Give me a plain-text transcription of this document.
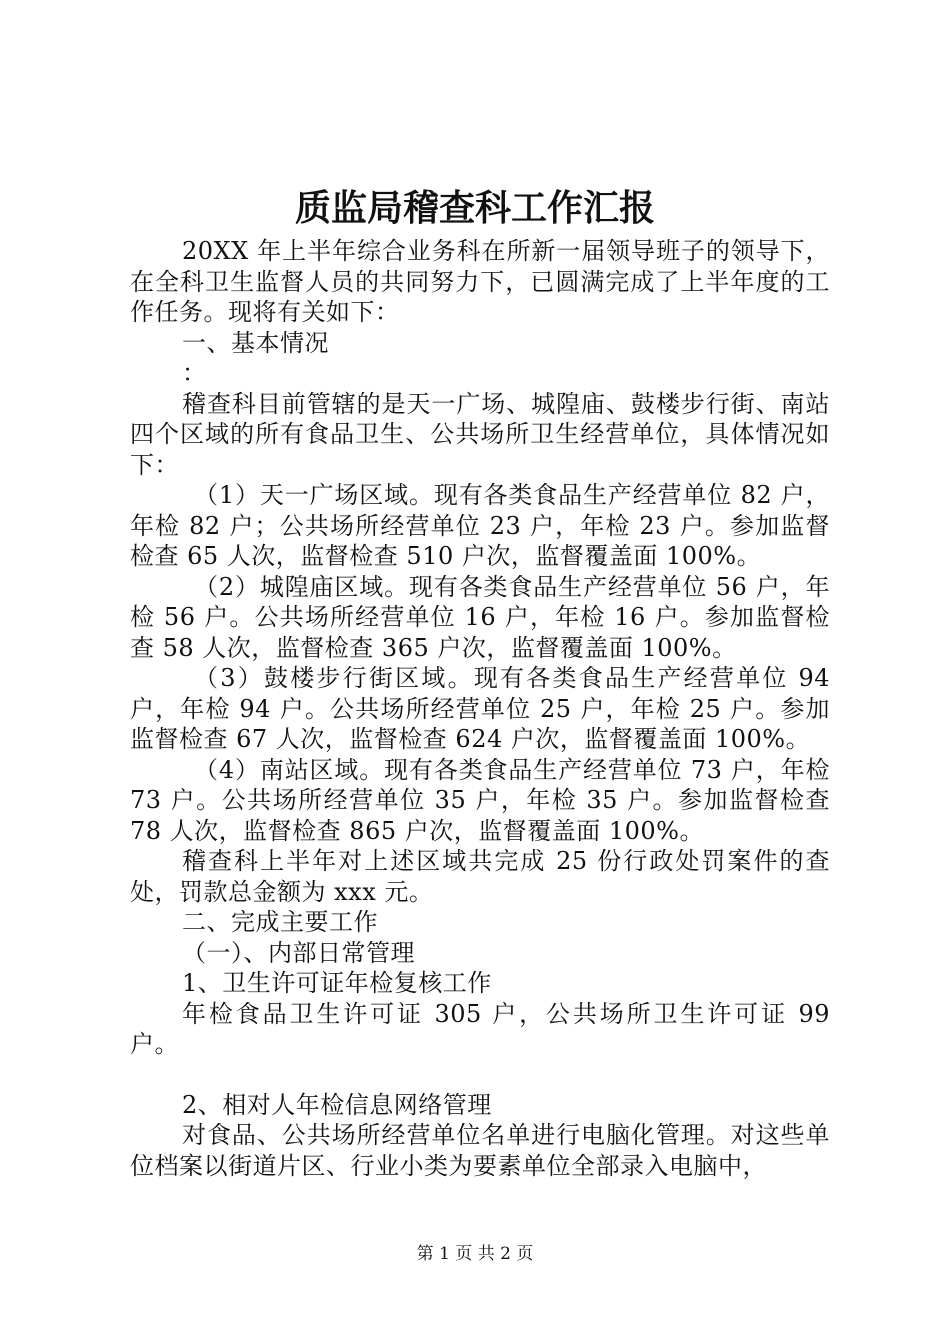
质监局稽查科工作汇报

20XX 年上半年综合业务科在所新一届领导班子的领导下，在全科卫生监督人员的共同努力下，已圆满完成了上半年度的工作任务。现将有关如下：

一、基本情况

：

稽查科目前管辖的是天一广场、城隍庙、鼓楼步行街、南站四个区域的所有食品卫生、公共场所卫生经营单位，具体情况如下：

（1）天一广场区域。现有各类食品生产经营单位 82 户，年检 82 户；公共场所经营单位 23 户，年检 23 户。参加监督检查 65 人次，监督检查 510 户次，监督覆盖面 100%。

（2）城隍庙区域。现有各类食品生产经营单位 56 户，年检 56 户。公共场所经营单位 16 户，年检 16 户。参加监督检查 58 人次，监督检查 365 户次，监督覆盖面 100%。

（3）鼓楼步行街区域。现有各类食品生产经营单位 94 户，年检 94 户。公共场所经营单位 25 户，年检 25 户。参加监督检查 67 人次，监督检查 624 户次，监督覆盖面 100%。

（4）南站区域。现有各类食品生产经营单位 73 户，年检 73 户。公共场所经营单位 35 户，年检 35 户。参加监督检查 78 人次，监督检查 865 户次，监督覆盖面 100%。

稽查科上半年对上述区域共完成 25 份行政处罚案件的查处，罚款总金额为 xxx 元。

二、完成主要工作

（一）、内部日常管理

1、卫生许可证年检复核工作

年检食品卫生许可证 305 户，公共场所卫生许可证 99 户。

2、相对人年检信息网络管理

对食品、公共场所经营单位名单进行电脑化管理。对这些单位档案以街道片区、行业小类为要素单位全部录入电脑中，

第 1 页 共 2 页
